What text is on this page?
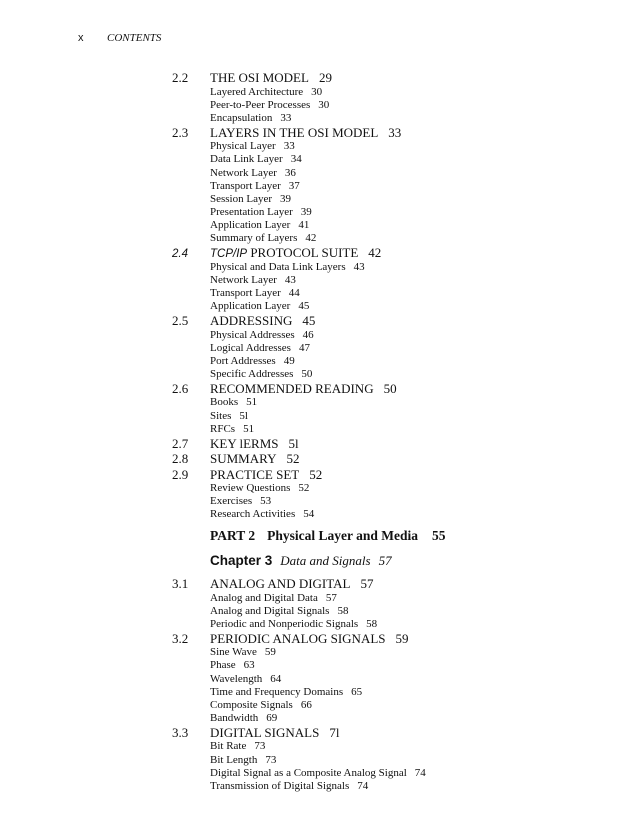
x CONTENTS
2.2 THE OSI MODEL 29
Layered Architecture 30
Peer-to-Peer Processes 30
Encapsulation 33
2.3 LAYERS IN THE OSI MODEL 33
Physical Layer 33
Data Link Layer 34
Network Layer 36
Transport Layer 37
Session Layer 39
Presentation Layer 39
Application Layer 41
Summary of Layers 42
2.4 TCP/IP PROTOCOL SUITE 42
Physical and Data Link Layers 43
Network Layer 43
Transport Layer 44
Application Layer 45
2.5 ADDRESSING 45
Physical Addresses 46
Logical Addresses 47
Port Addresses 49
Specific Addresses 50
2.6 RECOMMENDED READING 50
Books 51
Sites 5l
RFCs 51
2.7 KEY lERMS 5l
2.8 SUMMARY 52
2.9 PRACTICE SET 52
Review Questions 52
Exercises 53
Research Activities 54
PART 2 Physical Layer and Media 55
Chapter 3 Data and Signals 57
3.1 ANALOG AND DIGITAL 57
Analog and Digital Data 57
Analog and Digital Signals 58
Periodic and Nonperiodic Signals 58
3.2 PERIODIC ANALOG SIGNALS 59
Sine Wave 59
Phase 63
Wavelength 64
Time and Frequency Domains 65
Composite Signals 66
Bandwidth 69
3.3 DIGITAL SIGNALS 7l
Bit Rate 73
Bit Length 73
Digital Signal as a Composite Analog Signal 74
Transmission of Digital Signals 74
